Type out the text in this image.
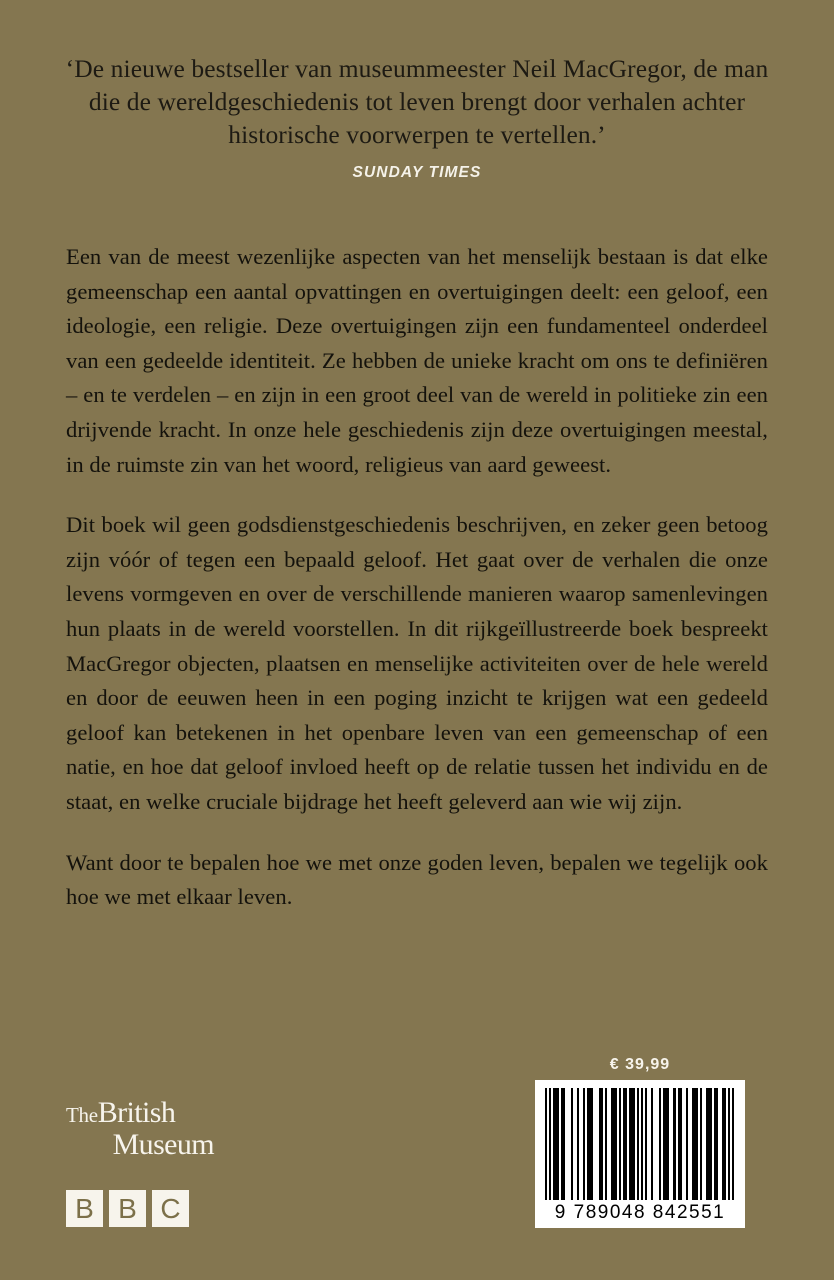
‘De nieuwe bestseller van museummeester Neil MacGregor, de man die de wereldgeschiedenis tot leven brengt door verhalen achter historische voorwerpen te vertellen.’

SUNDAY TIMES

Een van de meest wezenlijke aspecten van het menselijk bestaan is dat elke gemeenschap een aantal opvattingen en overtuigingen deelt: een geloof, een ideologie, een religie. Deze overtuigingen zijn een fundamenteel onderdeel van een gedeelde identiteit. Ze hebben de unieke kracht om ons te definiëren – en te verdelen – en zijn in een groot deel van de wereld in politieke zin een drijvende kracht. In onze hele geschiedenis zijn deze overtuigingen meestal, in de ruimste zin van het woord, religieus van aard geweest.

Dit boek wil geen godsdienstgeschiedenis beschrijven, en zeker geen betoog zijn vóór of tegen een bepaald geloof. Het gaat over de verhalen die onze levens vormgeven en over de verschillende manieren waarop samenlevingen hun plaats in de wereld voorstellen. In dit rijkgeïllustreerde boek bespreekt MacGregor objecten, plaatsen en menselijke activiteiten over de hele wereld en door de eeuwen heen in een poging inzicht te krijgen wat een gedeeld geloof kan betekenen in het openbare leven van een gemeenschap of een natie, en hoe dat geloof invloed heeft op de relatie tussen het individu en de staat, en welke cruciale bijdrage het heeft geleverd aan wie wij zijn.

Want door te bepalen hoe we met onze goden leven, bepalen we tegelijk ook hoe we met elkaar leven.

TheBritish
Museum
B B C
€ 39,99
9 789048 842551
